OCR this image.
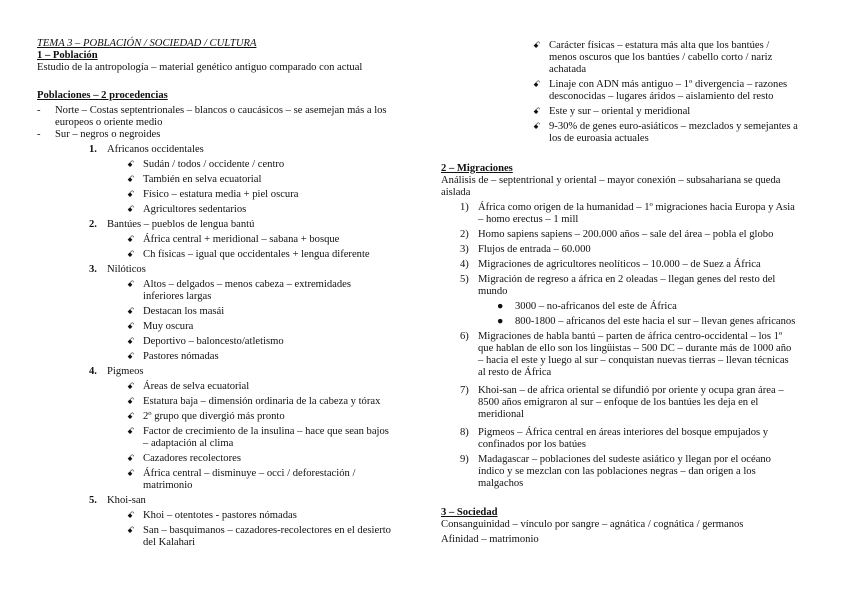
TEMA 3 – POBLACIÓN / SOCIEDAD / CULTURA
1 – Población
Estudio de la antropología – material genético antiguo comparado con actual
Poblaciones – 2 procedencias
- Norte – Costas septentrionales – blancos o caucásicos – se asemejan más a los
europeos o oriente medio
- Sur – negros o negroides
1. Africanos occidentales
ꗃ Sudán / todos / occidente / centro
ꗃ También en selva ecuatorial
ꗃ Físico – estatura media + piel oscura
ꗃ Agricultores sedentarios
2. Bantúes – pueblos de lengua bantú
ꗃ África central + meridional – sabana + bosque
ꗃ Ch físicas – igual que occidentales + lengua diferente
3. Nilóticos
ꗃ Altos – delgados – menos cabeza – extremidades
inferiores largas
ꗃ Destacan los masái
ꗃ Muy oscura
ꗃ Deportivo – baloncesto/atletismo
ꗃ Pastores nómadas
4. Pigmeos
ꗃ Áreas de selva ecuatorial
ꗃ Estatura baja – dimensión ordinaria de la cabeza y tórax
ꗃ 2º grupo que divergió más pronto
ꗃ Factor de crecimiento de la insulina – hace que sean bajos
– adaptación al clima
ꗃ Cazadores recolectores
ꗃ África central – disminuye – occi / deforestación /
matrimonio
5. Khoi-san
ꗃ Khoi – otentotes - pastores nómadas
ꗃ San – basquimanos – cazadores-recolectores en el desierto
del Kalahari
ꗃ Carácter físicas – estatura más alta que los bantúes /
menos oscuros que los bantúes / cabello corto / nariz
achatada
ꗃ Linaje con ADN más antiguo – 1º divergencia – razones
desconocidas – lugares áridos – aislamiento del resto
ꗃ Este y sur – oriental y meridional
ꗃ 9-30% de genes euro-asiáticos – mezclados y semejantes a
los de euroasia actuales
2 – Migraciones
Análisis de – septentrional y oriental – mayor conexión – subsahariana se queda
aislada
1) África como origen de la humanidad – 1º migraciones hacia Europa y Asia
– homo erectus – 1 mill
2) Homo sapiens sapiens – 200.000 años – sale del área – pobla el globo
3) Flujos de entrada – 60.000
4) Migraciones de agricultores neolíticos – 10.000 – de Suez a África
5) Migración de regreso a áfrica en 2 oleadas – llegan genes del resto del
mundo
● 3000 – no-africanos del este de África
● 800-1800 – africanos del este hacia el sur – llevan genes africanos
6) Migraciones de habla bantú – parten de áfrica centro-occidental – los 1º
que hablan de ello son los lingüistas – 500 DC – durante más de 1000 año
– hacia el este y luego al sur – conquistan nuevas tierras – llevan técnicas
al resto de África
7) Khoi-san – de africa oriental se difundió por oriente y ocupa gran área –
8500 años emigraron al sur – enfoque de los bantúes les deja en el
meridional
8) Pigmeos – África central en áreas interiores del bosque empujados y
confinados por los batúes
9) Madagascar – poblaciones del sudeste asiático y llegan por el océano
índico y se mezclan con las poblaciones negras – dan origen a los
malgachos
3 – Sociedad
Consanguinidad – vínculo por sangre – agnática / cognática / germanos
Afinidad – matrimonio
